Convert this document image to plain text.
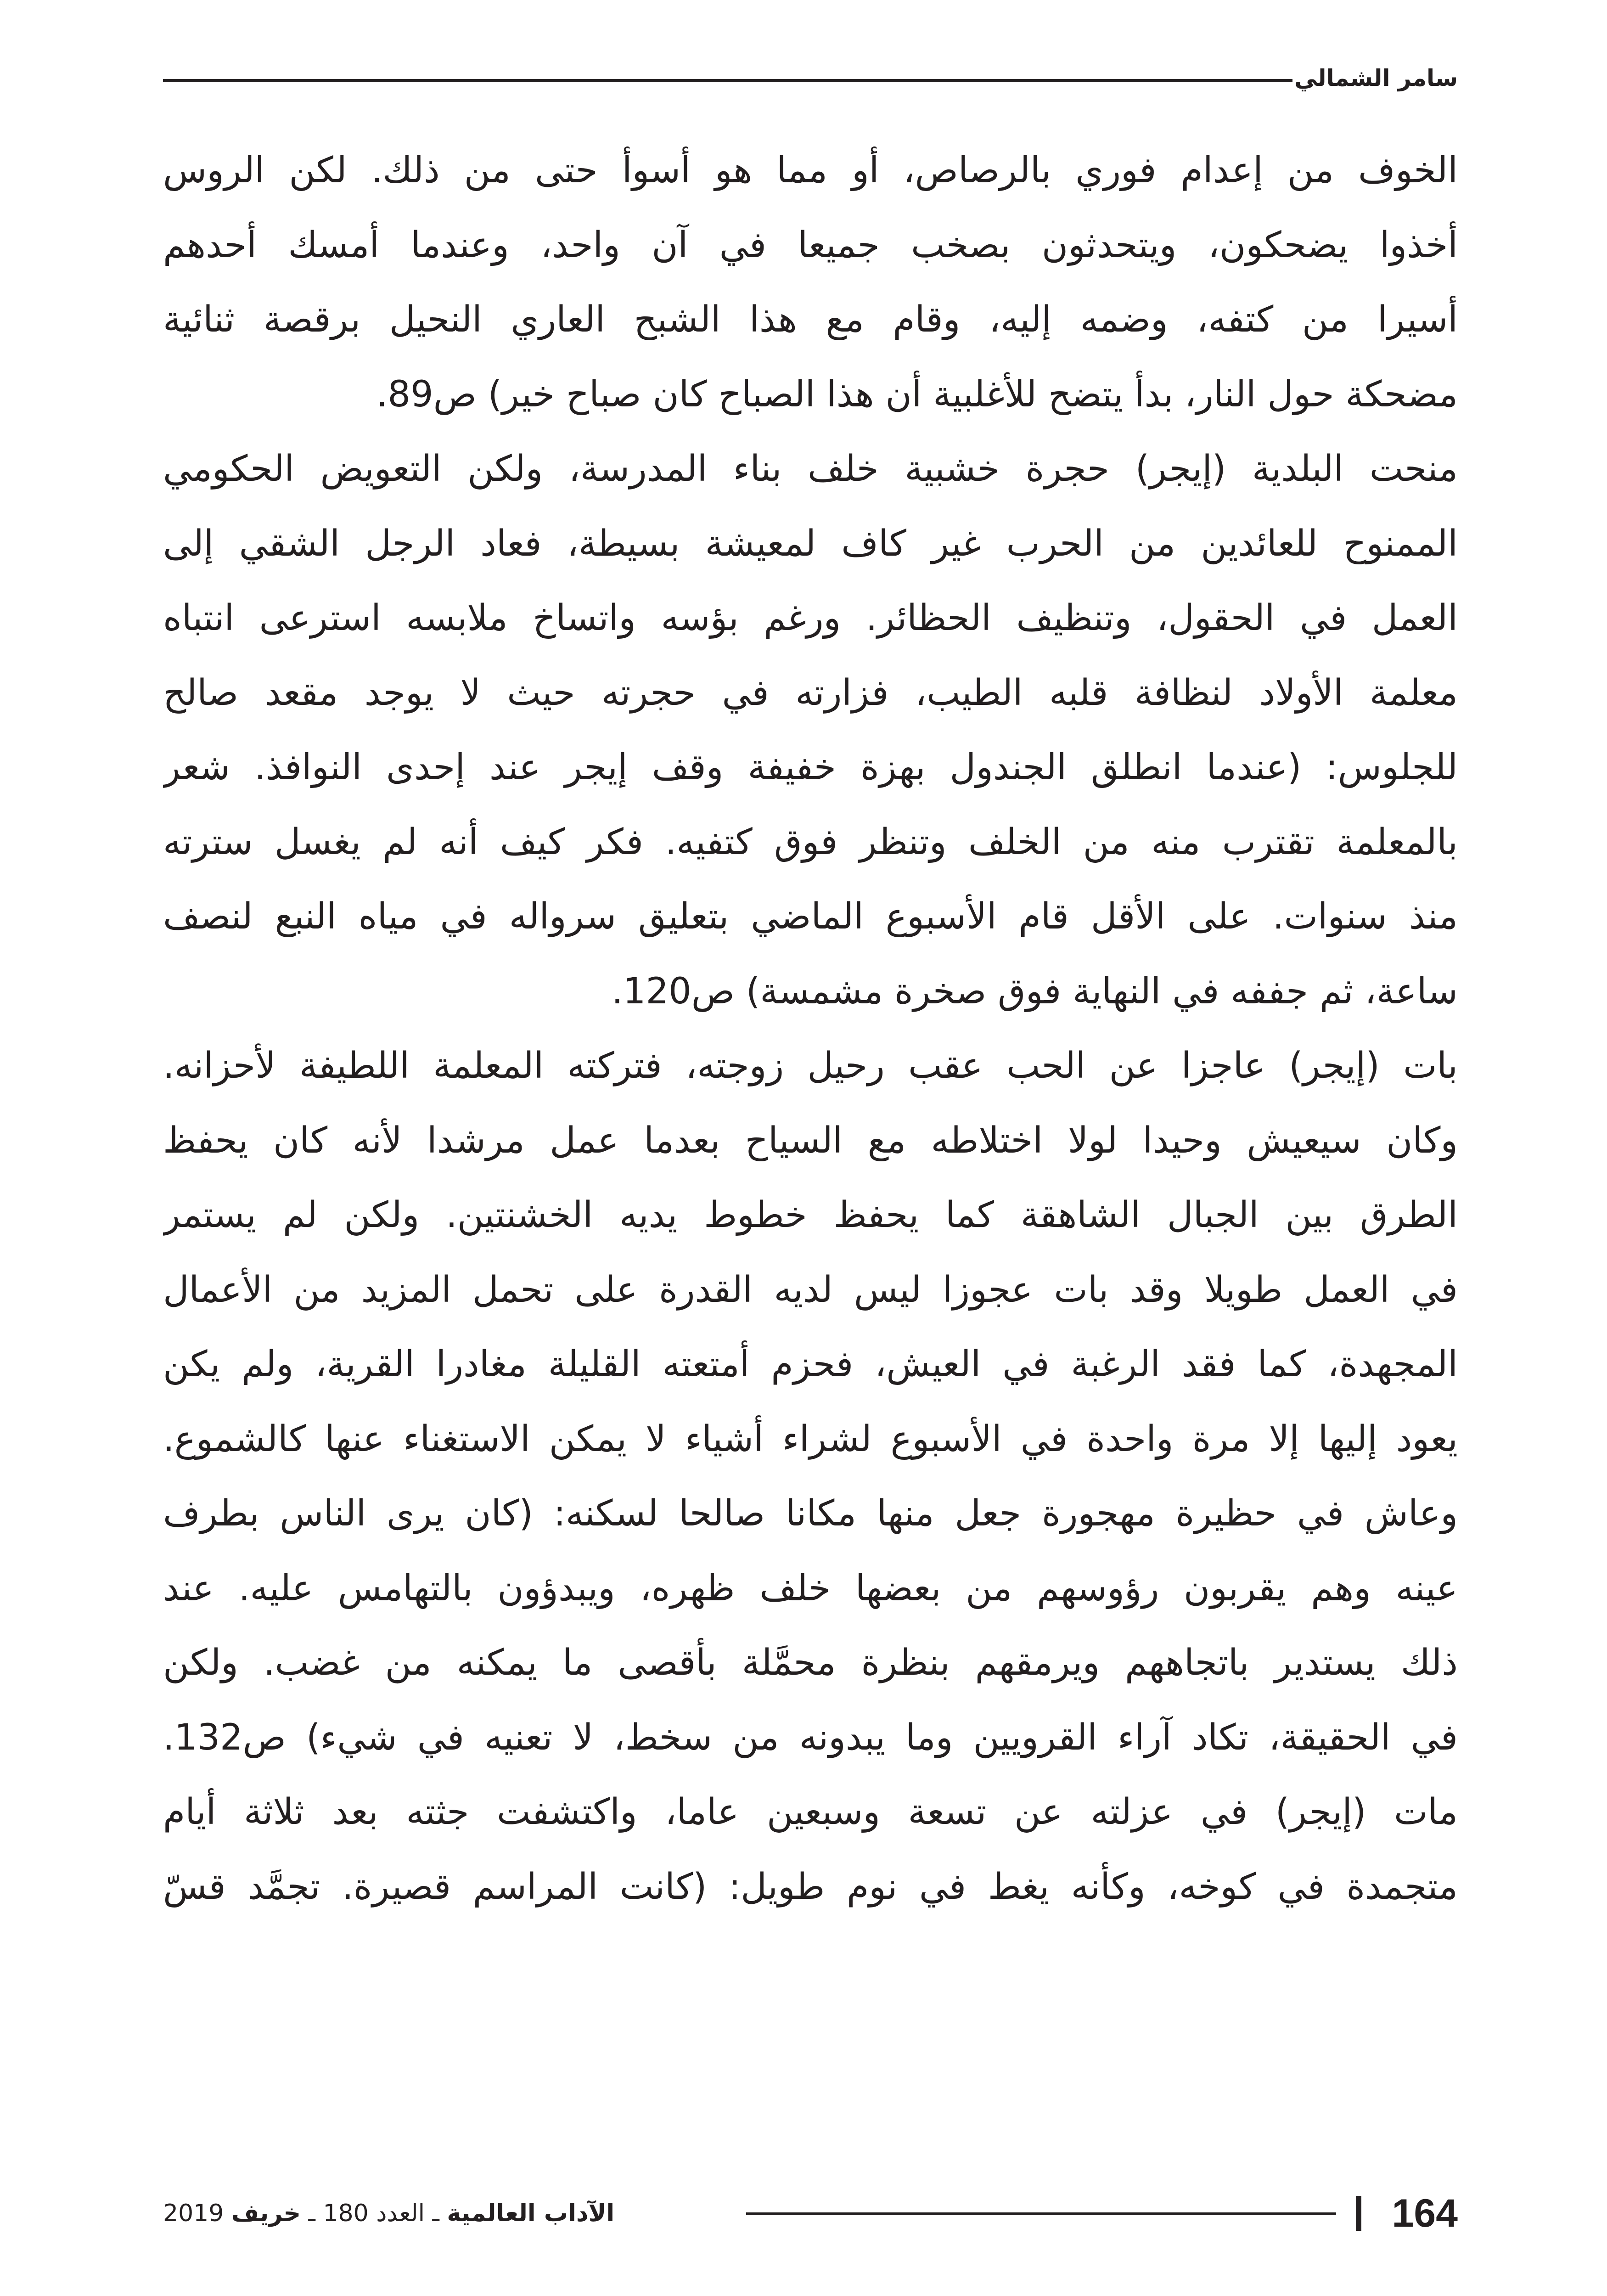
سامر الشمالي
الخوف من إعدام فوري بالرصاص، أو مما هو أسوأ حتى من ذلك. لكن الروس
أخذوا يضحكون، ويتحدثون بصخب جميعا في آن واحد، وعندما أمسك أحدهم
أسيرا من كتفه، وضمه إليه، وقام مع هذا الشبح العاري النحيل برقصة ثنائية
مضحكة حول النار، بدأ يتضح للأغلبية أن هذا الصباح كان صباح خير) ص89.
منحت البلدية (إيجر) حجرة خشبية خلف بناء المدرسة، ولكن التعويض الحكومي
الممنوح للعائدين من الحرب غير كاف لمعيشة بسيطة، فعاد الرجل الشقي إلى
العمل في الحقول، وتنظيف الحظائر. ورغم بؤسه واتساخ ملابسه استرعى انتباه
معلمة الأولاد لنظافة قلبه الطيب، فزارته في حجرته حيث لا يوجد مقعد صالح
للجلوس: (عندما انطلق الجندول بهزة خفيفة وقف إيجر عند إحدى النوافذ. شعر
بالمعلمة تقترب منه من الخلف وتنظر فوق كتفيه. فكر كيف أنه لم يغسل سترته
منذ سنوات. على الأقل قام الأسبوع الماضي بتعليق سرواله في مياه النبع لنصف
ساعة، ثم جففه في النهاية فوق صخرة مشمسة) ص120.
بات (إيجر) عاجزا عن الحب عقب رحيل زوجته، فتركته المعلمة اللطيفة لأحزانه.
وكان سيعيش وحيدا لولا اختلاطه مع السياح بعدما عمل مرشدا لأنه كان يحفظ
الطرق بين الجبال الشاهقة كما يحفظ خطوط يديه الخشنتين. ولكن لم يستمر
في العمل طويلا وقد بات عجوزا ليس لديه القدرة على تحمل المزيد من الأعمال
المجهدة، كما فقد الرغبة في العيش، فحزم أمتعته القليلة مغادرا القرية، ولم يكن
يعود إليها إلا مرة واحدة في الأسبوع لشراء أشياء لا يمكن الاستغناء عنها كالشموع.
وعاش في حظيرة مهجورة جعل منها مكانا صالحا لسكنه: (كان يرى الناس بطرف
عينه وهم يقربون رؤوسهم من بعضها خلف ظهره، ويبدؤون بالتهامس عليه. عند
ذلك يستدير باتجاههم ويرمقهم بنظرة محمَّلة بأقصى ما يمكنه من غضب. ولكن
في الحقيقة، تكاد آراء القرويين وما يبدونه من سخط، لا تعنيه في شيء) ص132.
مات (إيجر) في عزلته عن تسعة وسبعين عاما، واكتشفت جثته بعد ثلاثة أيام
متجمدة في كوخه، وكأنه يغط في نوم طويل: (كانت المراسم قصيرة. تجمَّد قسّ
164
الآداب العالمية ـ العدد 180 ـ خريف 2019
